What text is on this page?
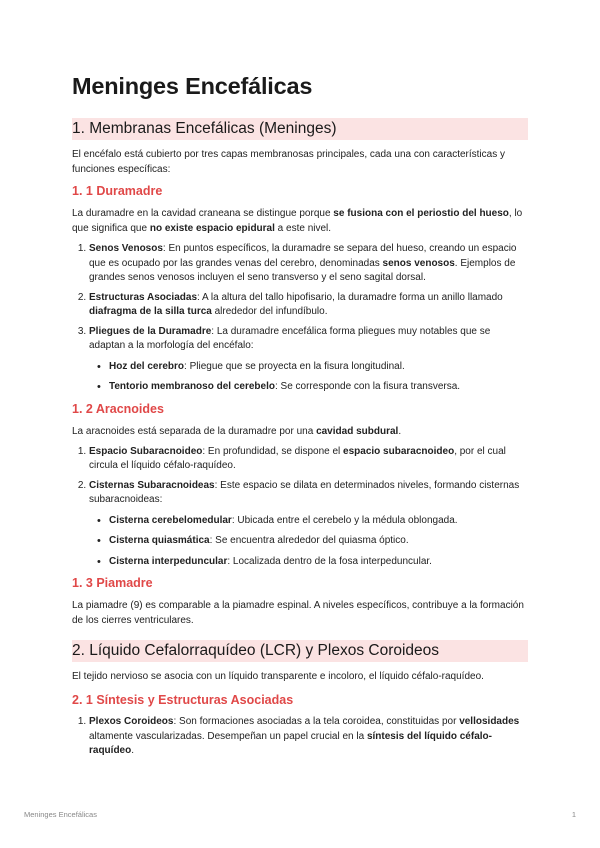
Meninges Encefálicas
1. Membranas Encefálicas (Meninges)

El encéfalo está cubierto por tres capas membranosas principales, cada una con características y funciones específicas:

1. 1 Duramadre

La duramadre en la cavidad craneana se distingue porque se fusiona con el periostio del hueso, lo que significa que no existe espacio epidural a este nivel.

1. Senos Venosos: En puntos específicos, la duramadre se separa del hueso, creando un espacio que es ocupado por las grandes venas del cerebro, denominadas senos venosos. Ejemplos de grandes senos venosos incluyen el seno transverso y el seno sagital dorsal.
2. Estructuras Asociadas: A la altura del tallo hipofisario, la duramadre forma un anillo llamado diafragma de la silla turca alrededor del infundíbulo.
3. Pliegues de la Duramadre: La duramadre encefálica forma pliegues muy notables que se adaptan a la morfología del encéfalo:
• Hoz del cerebro: Pliegue que se proyecta en la fisura longitudinal.
• Tentorio membranoso del cerebelo: Se corresponde con la fisura transversa.
1. 2 Aracnoides

La aracnoides está separada de la duramadre por una cavidad subdural.

1. Espacio Subaracnoideo: En profundidad, se dispone el espacio subaracnoideo, por el cual circula el líquido céfalo-raquídeo.
2. Cisternas Subaracnoideas: Este espacio se dilata en determinados niveles, formando cisternas subaracnoideas:
• Cisterna cerebelomedular: Ubicada entre el cerebelo y la médula oblongada.
• Cisterna quiasmática: Se encuentra alrededor del quiasma óptico.
• Cisterna interpeduncular: Localizada dentro de la fosa interpeduncular.
1. 3 Piamadre

La piamadre (9) es comparable a la piamadre espinal. A niveles específicos, contribuye a la formación de los cierres ventriculares.

2. Líquido Cefalorraquídeo (LCR) y Plexos Coroideos

El tejido nervioso se asocia con un líquido transparente e incoloro, el líquido céfalo-raquídeo.

2. 1 Síntesis y Estructuras Asociadas
1. Plexos Coroideos: Son formaciones asociadas a la tela coroidea, constituidas por vellosidades altamente vascularizadas. Desempeñan un papel crucial en la síntesis del líquido céfalo-raquídeo.
Meninges Encefálicas	1
